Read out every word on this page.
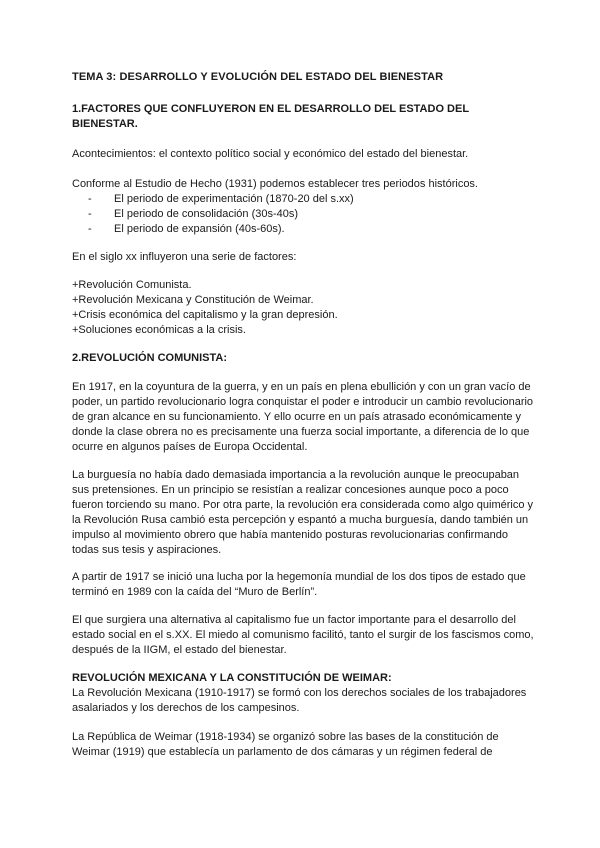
TEMA 3: DESARROLLO Y EVOLUCIÓN DEL ESTADO DEL BIENESTAR
1.FACTORES QUE CONFLUYERON EN EL DESARROLLO DEL ESTADO DEL BIENESTAR.
Acontecimientos: el contexto político social y económico del estado del bienestar.

Conforme al Estudio de Hecho (1931) podemos establecer tres periodos históricos.

- El periodo de experimentación (1870-20 del s.xx)
- El periodo de consolidación (30s-40s)
- El periodo de expansión (40s-60s).
En el siglo xx influyeron una serie de factores:

+Revolución Comunista.

+Revolución Mexicana y Constitución de Weimar.

+Crisis económica del capitalismo y la gran depresión.

+Soluciones económicas a la crisis.

2.REVOLUCIÓN COMUNISTA:
En 1917, en la coyuntura de la guerra, y en un país en plena ebullición y con un gran vacío de poder, un partido revolucionario logra conquistar el poder e introducir un cambio revolucionario de gran alcance en su funcionamiento. Y ello ocurre en un país atrasado económicamente y donde la clase obrera no es precisamente una fuerza social importante, a diferencia de lo que ocurre en algunos países de Europa Occidental.
La burguesía no había dado demasiada importancia a la revolución aunque le preocupaban sus pretensiones. En un principio se resistían a realizar concesiones aunque poco a poco fueron torciendo su mano. Por otra parte, la revolución era considerada como algo quimérico y la Revolución Rusa cambió esta percepción y espantó a mucha burguesía, dando también un impulso al movimiento obrero que había mantenido posturas revolucionarias confirmando todas sus tesis y aspiraciones.
A partir de 1917 se inició una lucha por la hegemonía mundial de los dos tipos de estado que terminó en 1989 con la caída del “Muro de Berlín”.
El que surgiera una alternativa al capitalismo fue un factor importante para el desarrollo del estado social en el s.XX. El miedo al comunismo facilitó, tanto el surgir de los fascismos como, después de la IIGM, el estado del bienestar.
REVOLUCIÓN MEXICANA Y LA CONSTITUCIÓN DE WEIMAR:
La Revolución Mexicana (1910-1917) se formó con los derechos sociales de los trabajadores asalariados y los derechos de los campesinos.
La República de Weimar (1918-1934) se organizó sobre las bases de la constitución de Weimar (1919) que establecía un parlamento de dos cámaras y un régimen federal de
